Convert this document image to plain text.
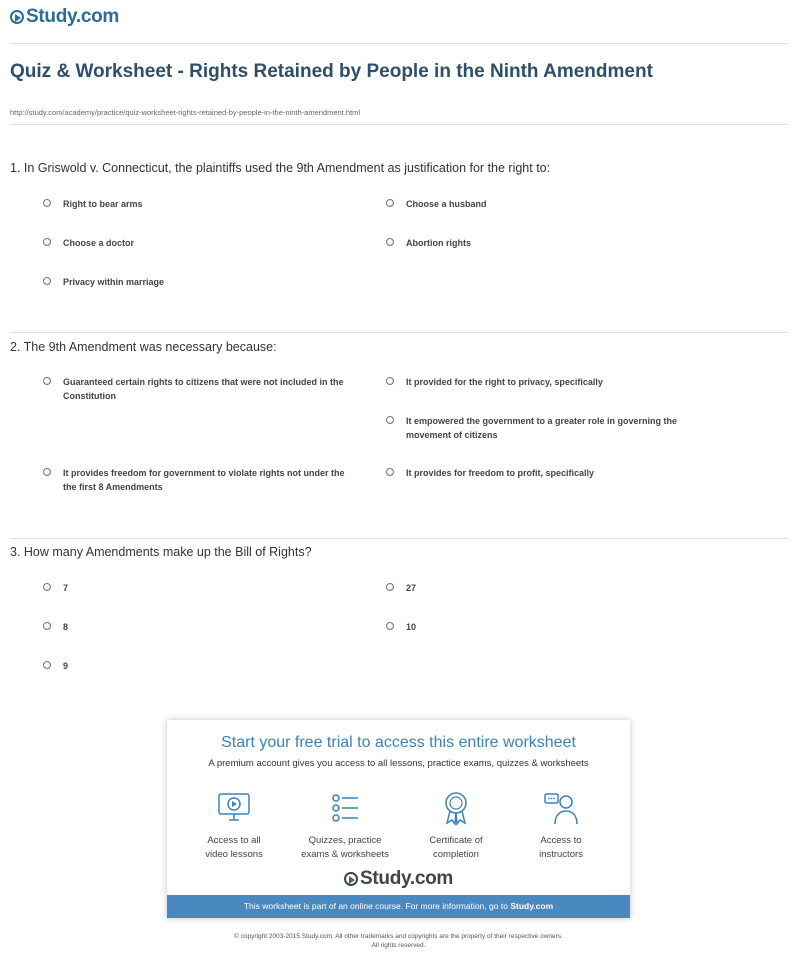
Study.com
Quiz & Worksheet - Rights Retained by People in the Ninth Amendment
http://study.com/academy/practice/quiz-worksheet-rights-retained-by-people-in-the-ninth-amendment.html
1. In Griswold v. Connecticut, the plaintiffs used the 9th Amendment as justification for the right to:
Right to bear arms	Choose a husband
Choose a doctor	Abortion rights
Privacy within marriage
2. The 9th Amendment was necessary because:
Guaranteed certain rights to citizens that were not included in the Constitution
It provided for the right to privacy, specifically
It empowered the government to a greater role in governing the movement of citizens
It provides freedom for government to violate rights not under the the first 8 Amendments
It provides for freedom to profit, specifically
3. How many Amendments make up the Bill of Rights?
7	27
8	10
9
Start your free trial to access this entire worksheet
A premium account gives you access to all lessons, practice exams, quizzes & worksheets
Access to all
video lessons
Quizzes, practice
exams & worksheets
Certificate of
completion
Access to
instructors
Study.com
This worksheet is part of an online course. For more information, go to Study.com
© copyright 2003-2015 Study.com. All other trademarks and copyrights are the property of their respective owners.
All rights reserved.
